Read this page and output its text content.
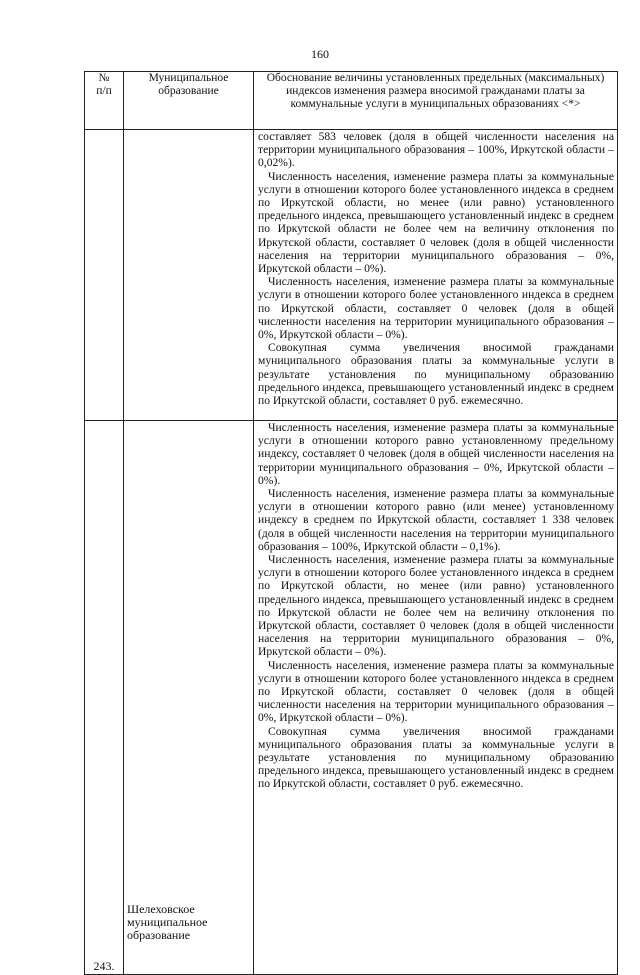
160
№
п/п	Муниципальное образование	Обоснование величины установленных предельных (максимальных) индексов изменения размера вносимой гражданами платы за коммунальные услуги в муниципальных образованиях <*>

		составляет 583 человек (доля в общей численности населения на территории муниципального образования – 100%, Иркутской области – 0,02%).

Численность населения, изменение размера платы за коммунальные услуги в отношении которого более установленного индекса в среднем по Иркутской области, но менее (или равно) установленного предельного индекса, превышающего установленный индекс в среднем по Иркутской области не более чем на величину отклонения по Иркутской области, составляет 0 человек (доля в общей численности населения на территории муниципального образования – 0%, Иркутской области – 0%).

Численность населения, изменение размера платы за коммунальные услуги в отношении которого более установленного индекса в среднем по Иркутской области, составляет 0 человек (доля в общей численности населения на территории муниципального образования – 0%, Иркутской области – 0%).

Совокупная сумма увеличения вносимой гражданами муниципального образования платы за коммунальные услуги в результате установления по муниципальному образованию предельного индекса, превышающего установленный индекс в среднем по Иркутской области, составляет 0 руб. ежемесячно.

243.	Шелеховское муниципальное образование	Численность населения, изменение размера платы за коммунальные услуги в отношении которого равно установленному предельному индексу, составляет 0 человек (доля в общей численности населения на территории муниципального образования – 0%, Иркутской области – 0%).

Численность населения, изменение размера платы за коммунальные услуги в отношении которого равно (или менее) установленному индексу в среднем по Иркутской области, составляет 1 338 человек (доля в общей численности населения на территории муниципального образования – 100%, Иркутской области – 0,1%).

Численность населения, изменение размера платы за коммунальные услуги в отношении которого более установленного индекса в среднем по Иркутской области, но менее (или равно) установленного предельного индекса, превышающего установленный индекс в среднем по Иркутской области не более чем на величину отклонения по Иркутской области, составляет 0 человек (доля в общей численности населения на территории муниципального образования – 0%, Иркутской области – 0%).

Численность населения, изменение размера платы за коммунальные услуги в отношении которого более установленного индекса в среднем по Иркутской области, составляет 0 человек (доля в общей численности населения на территории муниципального образования – 0%, Иркутской области – 0%).

Совокупная сумма увеличения вносимой гражданами муниципального образования платы за коммунальные услуги в результате установления по муниципальному образованию предельного индекса, превышающего установленный индекс в среднем по Иркутской области, составляет 0 руб. ежемесячно.
